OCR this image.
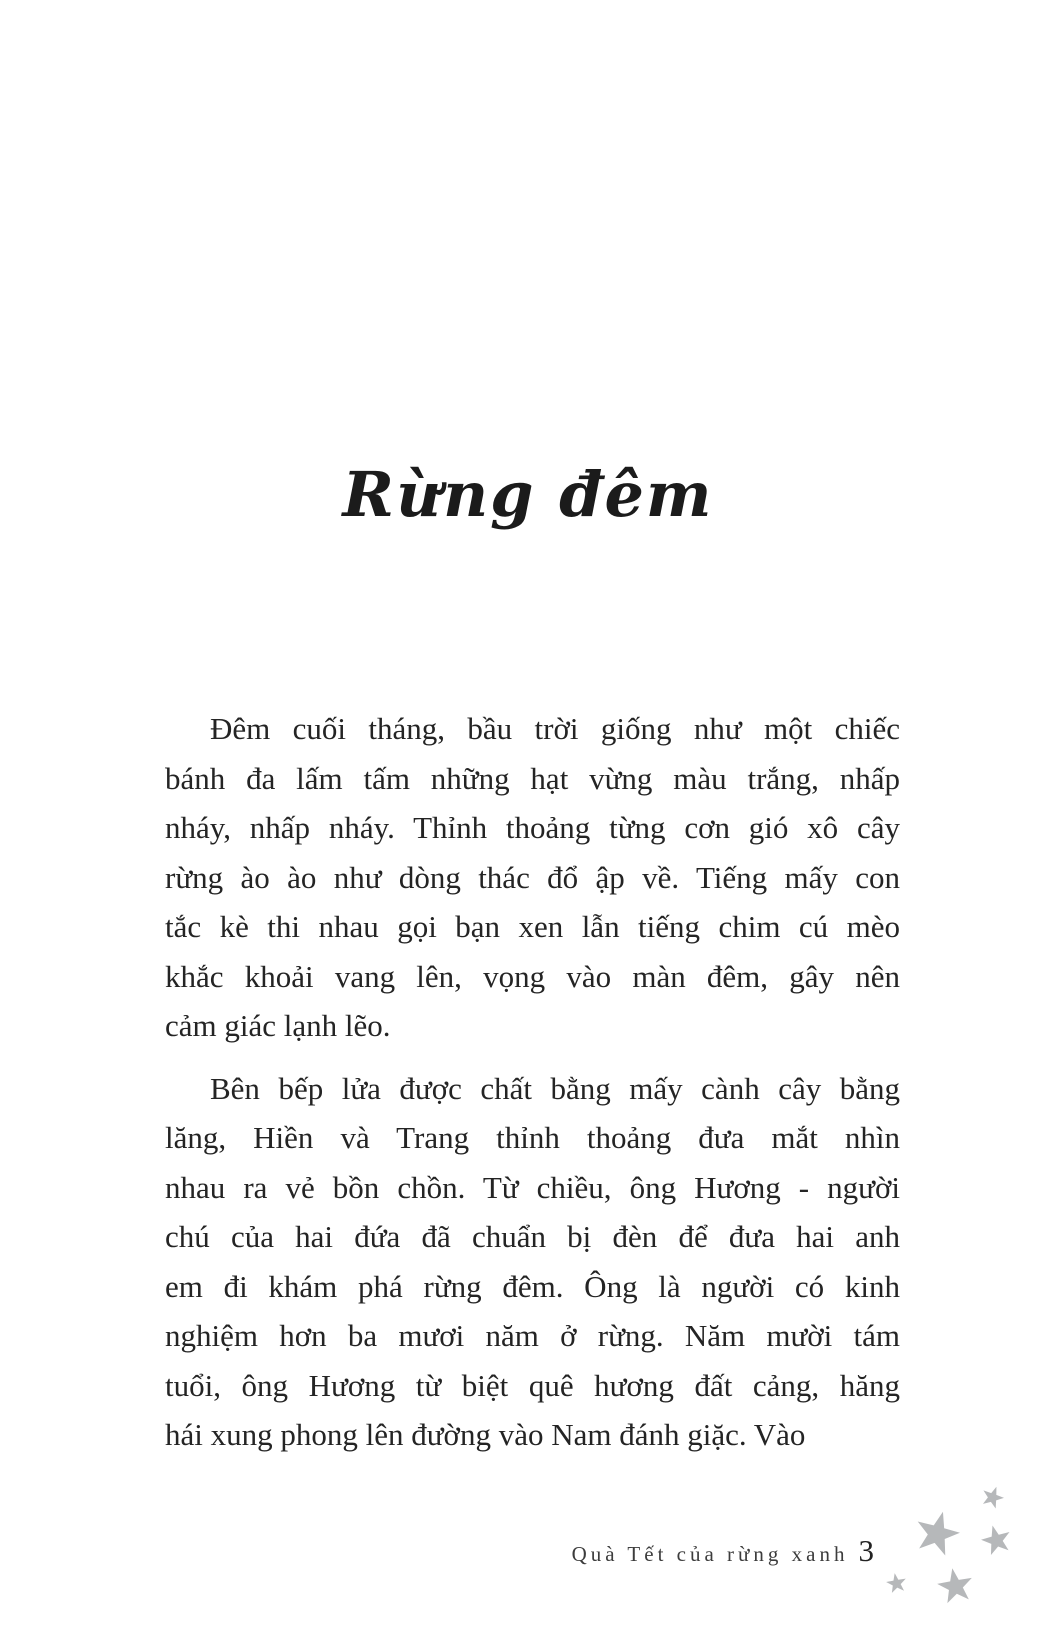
Rừng đêm
Đêm cuối tháng, bầu trời giống như một chiếc
bánh đa lấm tấm những hạt vừng màu trắng, nhấp
nháy, nhấp nháy. Thỉnh thoảng từng cơn gió xô cây
rừng ào ào như dòng thác đổ ập về. Tiếng mấy con
tắc kè thi nhau gọi bạn xen lẫn tiếng chim cú mèo
khắc khoải vang lên, vọng vào màn đêm, gây nên
cảm giác lạnh lẽo.
Bên bếp lửa được chất bằng mấy cành cây bằng
lăng, Hiền và Trang thỉnh thoảng đưa mắt nhìn
nhau ra vẻ bồn chồn. Từ chiều, ông Hương - người
chú của hai đứa đã chuẩn bị đèn để đưa hai anh
em đi khám phá rừng đêm. Ông là người có kinh
nghiệm hơn ba mươi năm ở rừng. Năm mười tám
tuổi, ông Hương từ biệt quê hương đất cảng, hăng
hái xung phong lên đường vào Nam đánh giặc. Vào
Quà Tết của rừng xanh 3
